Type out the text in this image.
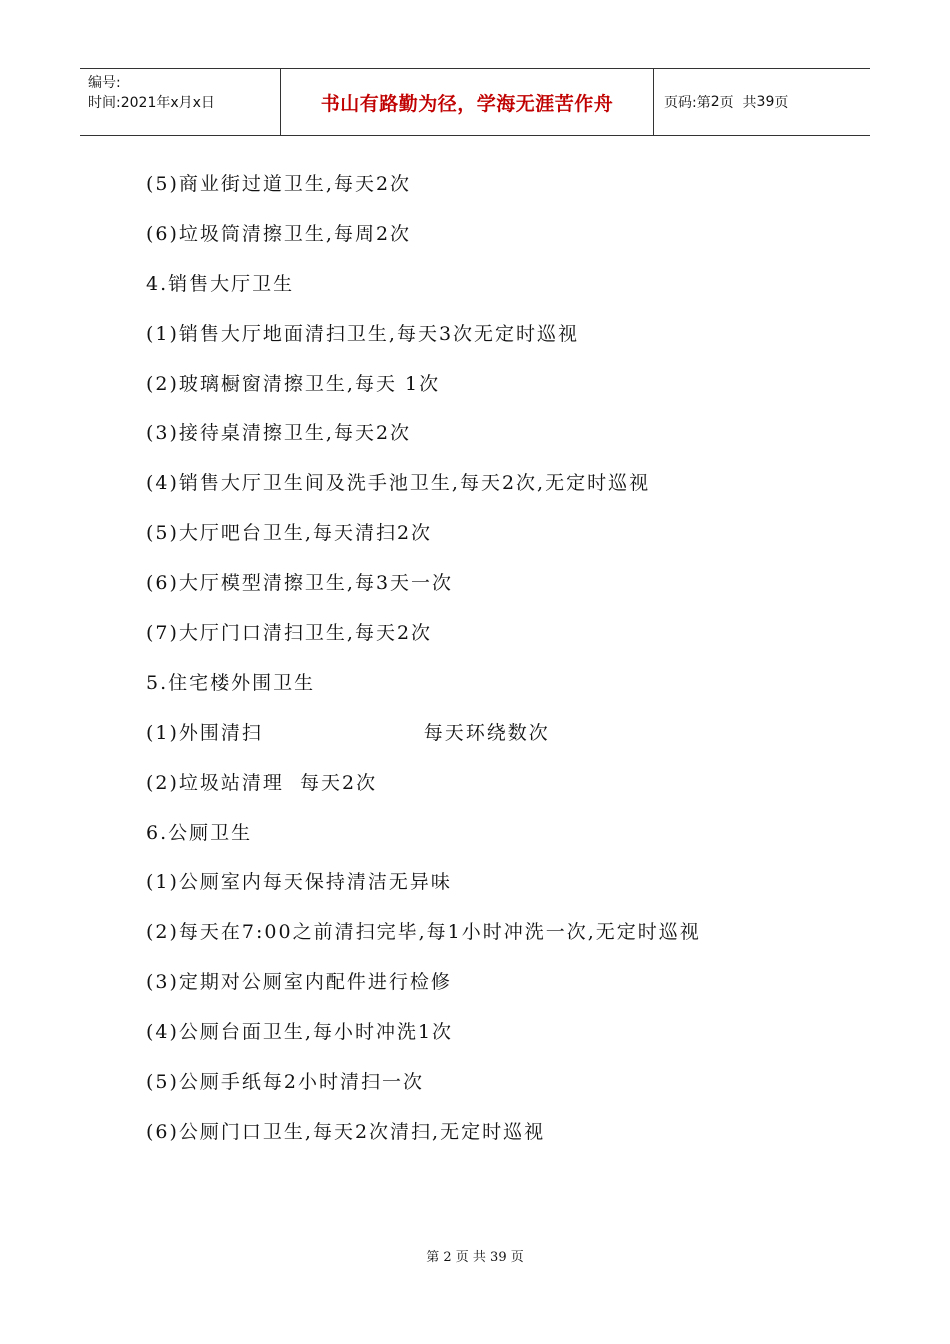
编号:
时间:2021年x月x日	书山有路勤为径，学海无涯苦作舟	页码:第 2 页  共 39 页
(5)商业街过道卫生,每天2次
(6)垃圾筒清擦卫生,每周2次
4.销售大厅卫生
(1)销售大厅地面清扫卫生,每天3次无定时巡视
(2)玻璃橱窗清擦卫生,每天 1次
(3)接待桌清擦卫生,每天2次
(4)销售大厅卫生间及洗手池卫生,每天2次,无定时巡视
(5)大厅吧台卫生,每天清扫2次
(6)大厅模型清擦卫生,每3天一次
(7)大厅门口清扫卫生,每天2次
5.住宅楼外围卫生
(1)外围清扫                    每天环绕数次
(2)垃圾站清理  每天2次
6.公厕卫生
(1)公厕室内每天保持清洁无异味
(2)每天在7:00之前清扫完毕,每1小时冲洗一次,无定时巡视
(3)定期对公厕室内配件进行检修
(4)公厕台面卫生,每小时冲洗1次
(5)公厕手纸每2小时清扫一次
(6)公厕门口卫生,每天2次清扫,无定时巡视
第 2 页 共 39 页
